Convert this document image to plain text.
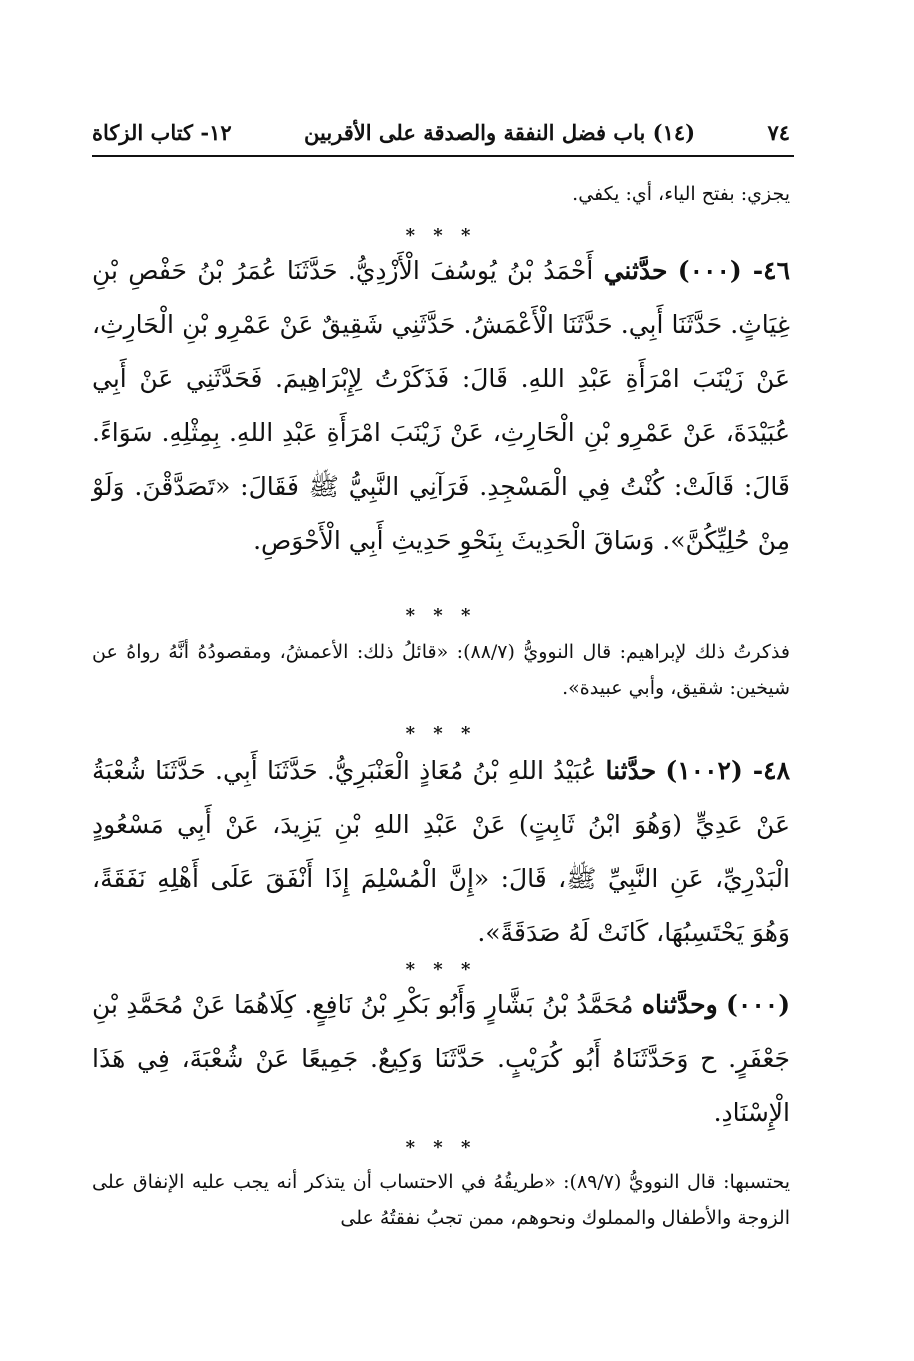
٧٤
(١٤) باب فضل النفقة والصدقة على الأقربين
١٢- كتاب الزكاة
يجزي: بفتح الياء، أي: يكفي.
* * *
٤٦- (٠٠٠) حدَّثني أَحْمَدُ بْنُ يُوسُفَ الْأَزْدِيُّ. حَدَّثَنَا عُمَرُ بْنُ حَفْصِ بْنِ غِيَاثٍ. حَدَّثَنَا أَبِي. حَدَّثَنَا الْأَعْمَشُ. حَدَّثَنِي شَقِيقٌ عَنْ عَمْرِو بْنِ الْحَارِثِ، عَنْ زَيْنَبَ امْرَأَةِ عَبْدِ اللهِ. قَالَ: فَذَكَرْتُ لِإِبْرَاهِيمَ. فَحَدَّثَنِي عَنْ أَبِي عُبَيْدَةَ، عَنْ عَمْرِو بْنِ الْحَارِثِ، عَنْ زَيْنَبَ امْرَأَةِ عَبْدِ اللهِ. بِمِثْلِهِ. سَوَاءً. قَالَ: قَالَتْ: كُنْتُ فِي الْمَسْجِدِ. فَرَآنِي النَّبِيُّ ﷺ فَقَالَ: «تَصَدَّقْنَ. وَلَوْ مِنْ حُلِيِّكُنَّ». وَسَاقَ الْحَدِيثَ بِنَحْوِ حَدِيثِ أَبِي الْأَحْوَصِ.
* * *
فذكرتُ ذلك لإبراهيم: قال النوويُّ (٨٨/٧): «قائلُ ذلك: الأعمشُ، ومقصودُهُ أنَّهُ رواهُ عن شيخين: شقيق، وأبي عبيدة».
* * *
٤٨- (١٠٠٢) حدَّثنا عُبَيْدُ اللهِ بْنُ مُعَاذٍ الْعَنْبَرِيُّ. حَدَّثَنَا أَبِي. حَدَّثَنَا شُعْبَةُ عَنْ عَدِيٍّ (وَهُوَ ابْنُ ثَابِتٍ) عَنْ عَبْدِ اللهِ بْنِ يَزِيدَ، عَنْ أَبِي مَسْعُودٍ الْبَدْرِيِّ، عَنِ النَّبِيِّ ﷺ، قَالَ: «إِنَّ الْمُسْلِمَ إِذَا أَنْفَقَ عَلَى أَهْلِهِ نَفَقَةً، وَهُوَ يَحْتَسِبُهَا، كَانَتْ لَهُ صَدَقَةً».
* * *
(٠٠٠) وحدَّثناه مُحَمَّدُ بْنُ بَشَّارٍ وَأَبُو بَكْرِ بْنُ نَافِعٍ. كِلَاهُمَا عَنْ مُحَمَّدِ بْنِ جَعْفَرٍ. ح وَحَدَّثَنَاهُ أَبُو كُرَيْبٍ. حَدَّثَنَا وَكِيعٌ. جَمِيعًا عَنْ شُعْبَةَ، فِي هَذَا الْإِسْنَادِ.
* * *
يحتسبها: قال النوويُّ (٨٩/٧): «طريقُهُ في الاحتساب أن يتذكر أنه يجب عليه الإنفاق على الزوجة والأطفال والمملوك ونحوهم، ممن تجبُ نفقتُهُ على
